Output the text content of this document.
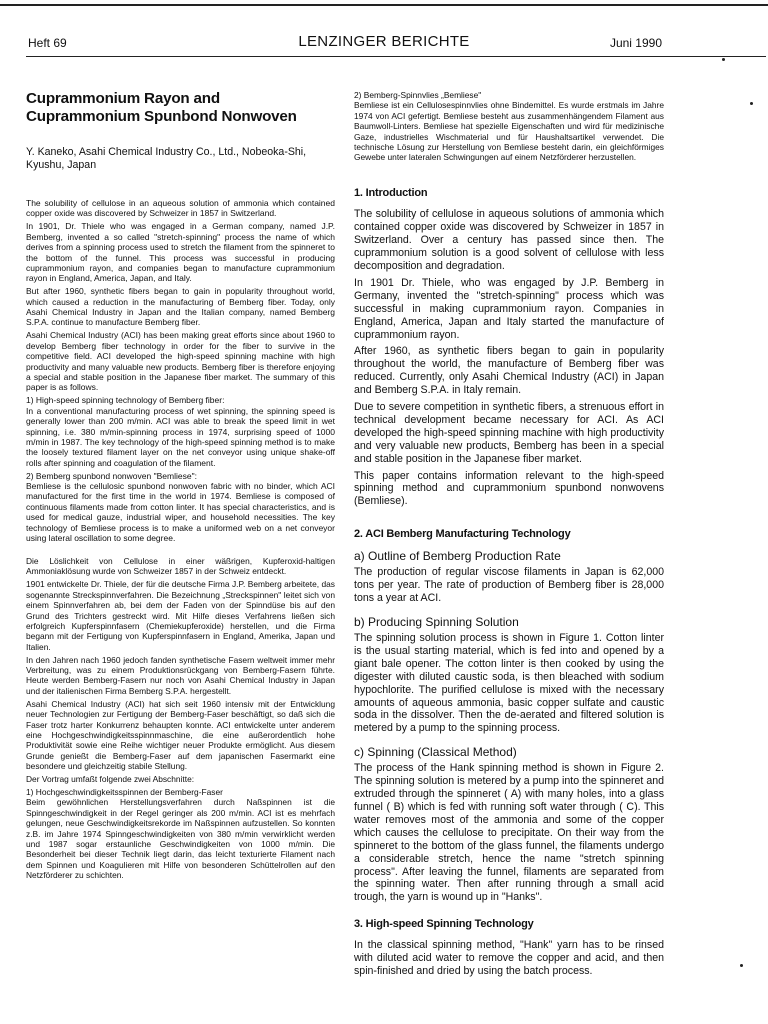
Heft 69	LENZINGER BERICHTE	Juni 1990
Cuprammonium Rayon and Cuprammonium Spunbond Nonwoven
Y. Kaneko, Asahi Chemical Industry Co., Ltd., Nobeoka-Shi, Kyushu, Japan

The solubility of cellulose in an aqueous solution of ammonia which contained copper oxide was discovered by Schweizer in 1857 in Switzerland.

In 1901, Dr. Thiele who was engaged in a German company, named J.P. Bemberg, invented a so called "stretch-spinning" process the name of which derives from a spinning process used to stretch the filament from the spinneret to the bottom of the funnel. This process was successful in producing cuprammonium rayon, and companies began to manufacture cuprammonium rayon in England, America, Japan, and Italy.

But after 1960, synthetic fibers began to gain in popularity throughout world, which caused a reduction in the manufacturing of Bemberg fiber. Today, only Asahi Chemical Industry in Japan and the Italian company, named Bemberg S.P.A. continue to manufacture Bemberg fiber.

Asahi Chemical Industry (ACI) has been making great efforts since about 1960 to develop Bemberg fiber technology in order for the fiber to survive in the competitive field. ACI developed the high-speed spinning machine with high productivity and many valuable new products. Bemberg fiber is therefore enjoying a special and stable position in the Japanese fiber market. The summary of this paper is as follows.

1) High-speed spinning technology of Bemberg fiber:

In a conventional manufacturing process of wet spinning, the spinning speed is generally lower than 200 m/min. ACI was able to break the speed limit in wet spinning, i.e. 380 m/min-spinning process in 1974, surprising speed of 1000 m/min in 1987. The key technology of the high-speed spinning method is to make the loosely textured filament layer on the net conveyor using unique shake-off rolls after spinning and coagulation of the filament.

2) Bemberg spunbond nonwoven "Bemliese":

Bemliese is the cellulosic spunbond nonwoven fabric with no binder, which ACI manufactured for the first time in the world in 1974. Bemliese is composed of continuous filaments made from cotton linter. It has special characteristics, and is used for medical gauze, industrial wiper, and household necessities. The key technology of Bemliese process is to make a uniformed web on a net conveyor using lateral oscillation to some degree.

Die Löslichkeit von Cellulose in einer wäßrigen, Kupferoxid-haltigen Ammoniaklösung wurde von Schweizer 1857 in der Schweiz entdeckt.

1901 entwickelte Dr. Thiele, der für die deutsche Firma J.P. Bemberg arbeitete, das sogenannte Streckspinnverfahren. Die Bezeichnung „Streckspinnen" leitet sich von einem Spinnverfahren ab, bei dem der Faden von der Spinndüse bis auf den Grund des Trichters gestreckt wird. Mit Hilfe dieses Verfahrens ließen sich erfolgreich Kupferspinnfasern (Chemiekupferoxide) herstellen, und die Firma begann mit der Fertigung von Kupferspinnfasern in England, Amerika, Japan und Italien.

In den Jahren nach 1960 jedoch fanden synthetische Fasern weltweit immer mehr Verbreitung, was zu einem Produktionsrückgang von Bemberg-Fasern führte. Heute werden Bemberg-Fasern nur noch von Asahi Chemical Industry in Japan und der italienischen Firma Bemberg S.P.A. hergestellt.

Asahi Chemical Industry (ACI) hat sich seit 1960 intensiv mit der Entwicklung neuer Technologien zur Fertigung der Bemberg-Faser beschäftigt, so daß sich die Faser trotz harter Konkurrenz behaupten konnte. ACI entwickelte unter anderem eine Hochgeschwindigkeitsspinnmaschine, die eine außerordentlich hohe Produktivität sowie eine Reihe wichtiger neuer Produkte ermöglicht. Aus diesem Grunde genießt die Bemberg-Faser auf dem japanischen Fasermarkt eine besondere und gleichzeitig stabile Stellung.

Der Vortrag umfaßt folgende zwei Abschnitte:

1) Hochgeschwindigkeitsspinnen der Bemberg-Faser

Beim gewöhnlichen Herstellungsverfahren durch Naßspinnen ist die Spinngeschwindigkeit in der Regel geringer als 200 m/min. ACI ist es mehrfach gelungen, neue Geschwindigkeitsrekorde im Naßspinnen aufzustellen. So konnten z.B. im Jahre 1974 Spinngeschwindigkeiten von 380 m/min verwirklicht werden und 1987 sogar erstaunliche Geschwindigkeiten von 1000 m/min. Die Besonderheit bei dieser Technik liegt darin, das leicht texturierte Filament nach dem Spinnen und Koagulieren mit Hilfe von besonderen Schüttelrollen auf den Netzförderer zu schichten.

2) Bemberg-Spinnvlies „Bemliese"

Bemliese ist ein Cellulosespinnvlies ohne Bindemittel. Es wurde erstmals im Jahre 1974 von ACI gefertigt. Bemliese besteht aus zusammenhängendem Filament aus Baumwoll-Linters. Bemliese hat spezielle Eigenschaften und wird für medizinische Gaze, industrielles Wischmaterial und für Haushaltsartikel verwendet. Die technische Lösung zur Herstellung von Bemliese besteht darin, ein gleichförmiges Gewebe unter lateralen Schwingungen auf einem Netzförderer herzustellen.

1. Introduction

The solubility of cellulose in aqueous solutions of ammonia which contained copper oxide was discovered by Schweizer in 1857 in Switzerland. Over a century has passed since then. The cuprammonium solution is a good solvent of cellulose with less decomposition and degradation.

In 1901 Dr. Thiele, who was engaged by J.P. Bemberg in Germany, invented the "stretch-spinning" process which was successful in making cuprammonium rayon. Companies in England, America, Japan and Italy started the manufacture of cuprammonium rayon.

After 1960, as synthetic fibers began to gain in popularity throughout the world, the manufacture of Bemberg fiber was reduced. Currently, only Asahi Chemical Industry (ACI) in Japan and Bemberg S.P.A. in Italy remain.

Due to severe competition in synthetic fibers, a strenuous effort in technical development became necessary for ACI. As ACI developed the high-speed spinning machine with high productivity and very valuable new products, Bemberg has been in a special and stable position in the Japanese fiber market.

This paper contains information relevant to the high-speed spinning method and cuprammonium spunbond nonwovens (Bemliese).

2. ACI Bemberg Manufacturing Technology
a) Outline of Bemberg Production Rate

The production of regular viscose filaments in Japan is 62,000 tons per year. The rate of production of Bemberg fiber is 28,000 tons a year at ACI.

b) Producing Spinning Solution

The spinning solution process is shown in Figure 1. Cotton linter is the usual starting material, which is fed into and opened by a giant bale opener. The cotton linter is then cooked by using the digester with diluted caustic soda, is then bleached with sodium hypochlorite. The purified cellulose is mixed with the necessary amounts of aqueous ammonia, basic copper sulfate and caustic soda in the dissolver. Then the de-aerated and filtered solution is metered by a pump to the spinning process.

c) Spinning (Classical Method)

The process of the Hank spinning method is shown in Figure 2. The spinning solution is metered by a pump into the spinneret and extruded through the spinneret ( A) with many holes, into a glass funnel ( B) which is fed with running soft water through ( C). This water removes most of the ammonia and some of the copper which causes the cellulose to precipitate. On their way from the spinneret to the bottom of the glass funnel, the filaments undergo a considerable stretch, hence the name "stretch spinning process". After leaving the funnel, filaments are separated from the spinning water. Then after running through a small acid trough, the yarn is wound up in "Hanks".

3. High-speed Spinning Technology

In the classical spinning method, "Hank" yarn has to be rinsed with diluted acid water to remove the copper and acid, and then spin-finished and dried by using the batch process.
